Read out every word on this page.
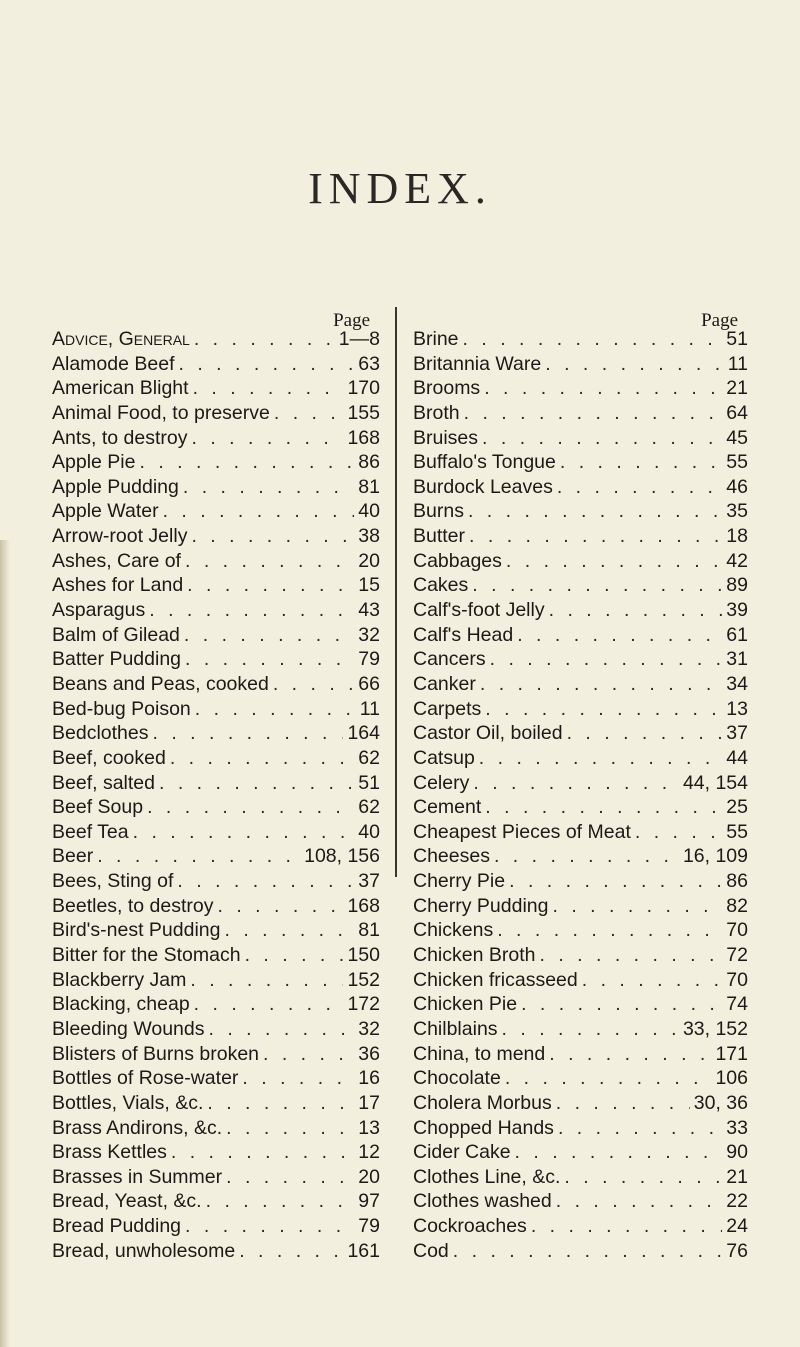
INDEX.
Page
Advice, General . . .	1—8
Alamode Beef . . .	63
American Blight . . .	170
Animal Food, to preserve . . .	155
Ants, to destroy . . .	168
Apple Pie . . .	86
Apple Pudding . . .	81
Apple Water . . .	40
Arrow-root Jelly . . .	38
Ashes, Care of . . .	20
Ashes for Land . . .	15
Asparagus . . .	43
Balm of Gilead . . .	32
Batter Pudding . . .	79
Beans and Peas, cooked . . .	66
Bed-bug Poison . . .	11
Bedclothes . . .	164
Beef, cooked . . .	62
Beef, salted . . .	51
Beef Soup . . .	62
Beef Tea . . .	40
Beer . . .	108, 156
Bees, Sting of . . .	37
Beetles, to destroy . . .	168
Bird's-nest Pudding . . .	81
Bitter for the Stomach . . .	150
Blackberry Jam . . .	152
Blacking, cheap . . .	172
Bleeding Wounds . . .	32
Blisters of Burns broken . . .	36
Bottles of Rose-water . . .	16
Bottles, Vials, &c. . . .	17
Brass Andirons, &c. . . .	13
Brass Kettles . . .	12
Brasses in Summer . . .	20
Bread, Yeast, &c. . . .	97
Bread Pudding . . .	79
Bread, unwholesome . . .	161
Page
Brine . . .	51
Britannia Ware . . .	11
Brooms . . .	21
Broth . . .	64
Bruises . . .	45
Buffalo's Tongue . . .	55
Burdock Leaves . . .	46
Burns . . .	35
Butter . . .	18
Cabbages . . .	42
Cakes . . .	89
Calf's-foot Jelly . . .	39
Calf's Head . . .	61
Cancers . . .	31
Canker . . .	34
Carpets . . .	13
Castor Oil, boiled . . .	37
Catsup . . .	44
Celery . . .	44, 154
Cement . . .	25
Cheapest Pieces of Meat . . .	55
Cheeses . . .	16, 109
Cherry Pie . . .	86
Cherry Pudding . . .	82
Chickens . . .	70
Chicken Broth . . .	72
Chicken fricasseed . . .	70
Chicken Pie . . .	74
Chilblains . . .	33, 152
China, to mend . . .	171
Chocolate . . .	106
Cholera Morbus . . .	30, 36
Chopped Hands . . .	33
Cider Cake . . .	90
Clothes Line, &c. . . .	21
Clothes washed . . .	22
Cockroaches . . .	24
Cod . . .	76
